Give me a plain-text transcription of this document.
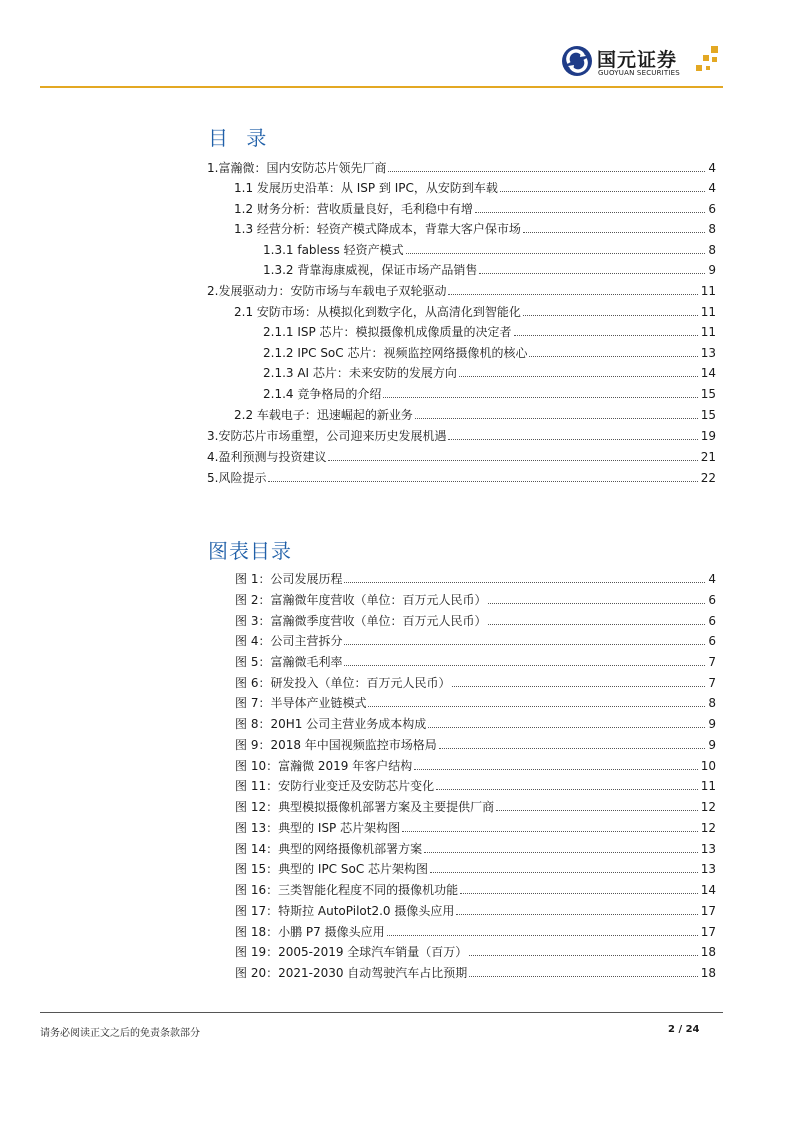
国元证券
GUOYUAN SECURITIES
目 录
1.富瀚微：国内安防芯片领先厂商	4
1.1 发展历史沿革：从 ISP 到 IPC，从安防到车载	4
1.2 财务分析：营收质量良好，毛利稳中有增	6
1.3 经营分析：轻资产模式降成本，背靠大客户保市场	8
1.3.1 fabless 轻资产模式	8
1.3.2 背靠海康威视，保证市场产品销售	9
2.发展驱动力：安防市场与车载电子双轮驱动	11
2.1 安防市场：从模拟化到数字化，从高清化到智能化	11
2.1.1 ISP 芯片：模拟摄像机成像质量的决定者	11
2.1.2 IPC SoC 芯片：视频监控网络摄像机的核心	13
2.1.3 AI 芯片：未来安防的发展方向	14
2.1.4 竞争格局的介绍	15
2.2 车载电子：迅速崛起的新业务	15
3.安防芯片市场重塑，公司迎来历史发展机遇	19
4.盈利预测与投资建议	21
5.风险提示	22
图表目录
图 1：公司发展历程	4
图 2：富瀚微年度营收（单位：百万元人民币）	6
图 3：富瀚微季度营收（单位：百万元人民币）	6
图 4：公司主营拆分	6
图 5：富瀚微毛利率	7
图 6：研发投入（单位：百万元人民币）	7
图 7：半导体产业链模式	8
图 8：20H1 公司主营业务成本构成	9
图 9：2018 年中国视频监控市场格局	9
图 10：富瀚微 2019 年客户结构	10
图 11：安防行业变迁及安防芯片变化	11
图 12：典型模拟摄像机部署方案及主要提供厂商	12
图 13：典型的 ISP 芯片架构图	12
图 14：典型的网络摄像机部署方案	13
图 15：典型的 IPC SoC 芯片架构图	13
图 16：三类智能化程度不同的摄像机功能	14
图 17：特斯拉 AutoPilot2.0 摄像头应用	17
图 18：小鹏 P7 摄像头应用	17
图 19：2005-2019 全球汽车销量（百万）	18
图 20：2021-2030 自动驾驶汽车占比预期	18
请务必阅读正文之后的免责条款部分	2 / 24
